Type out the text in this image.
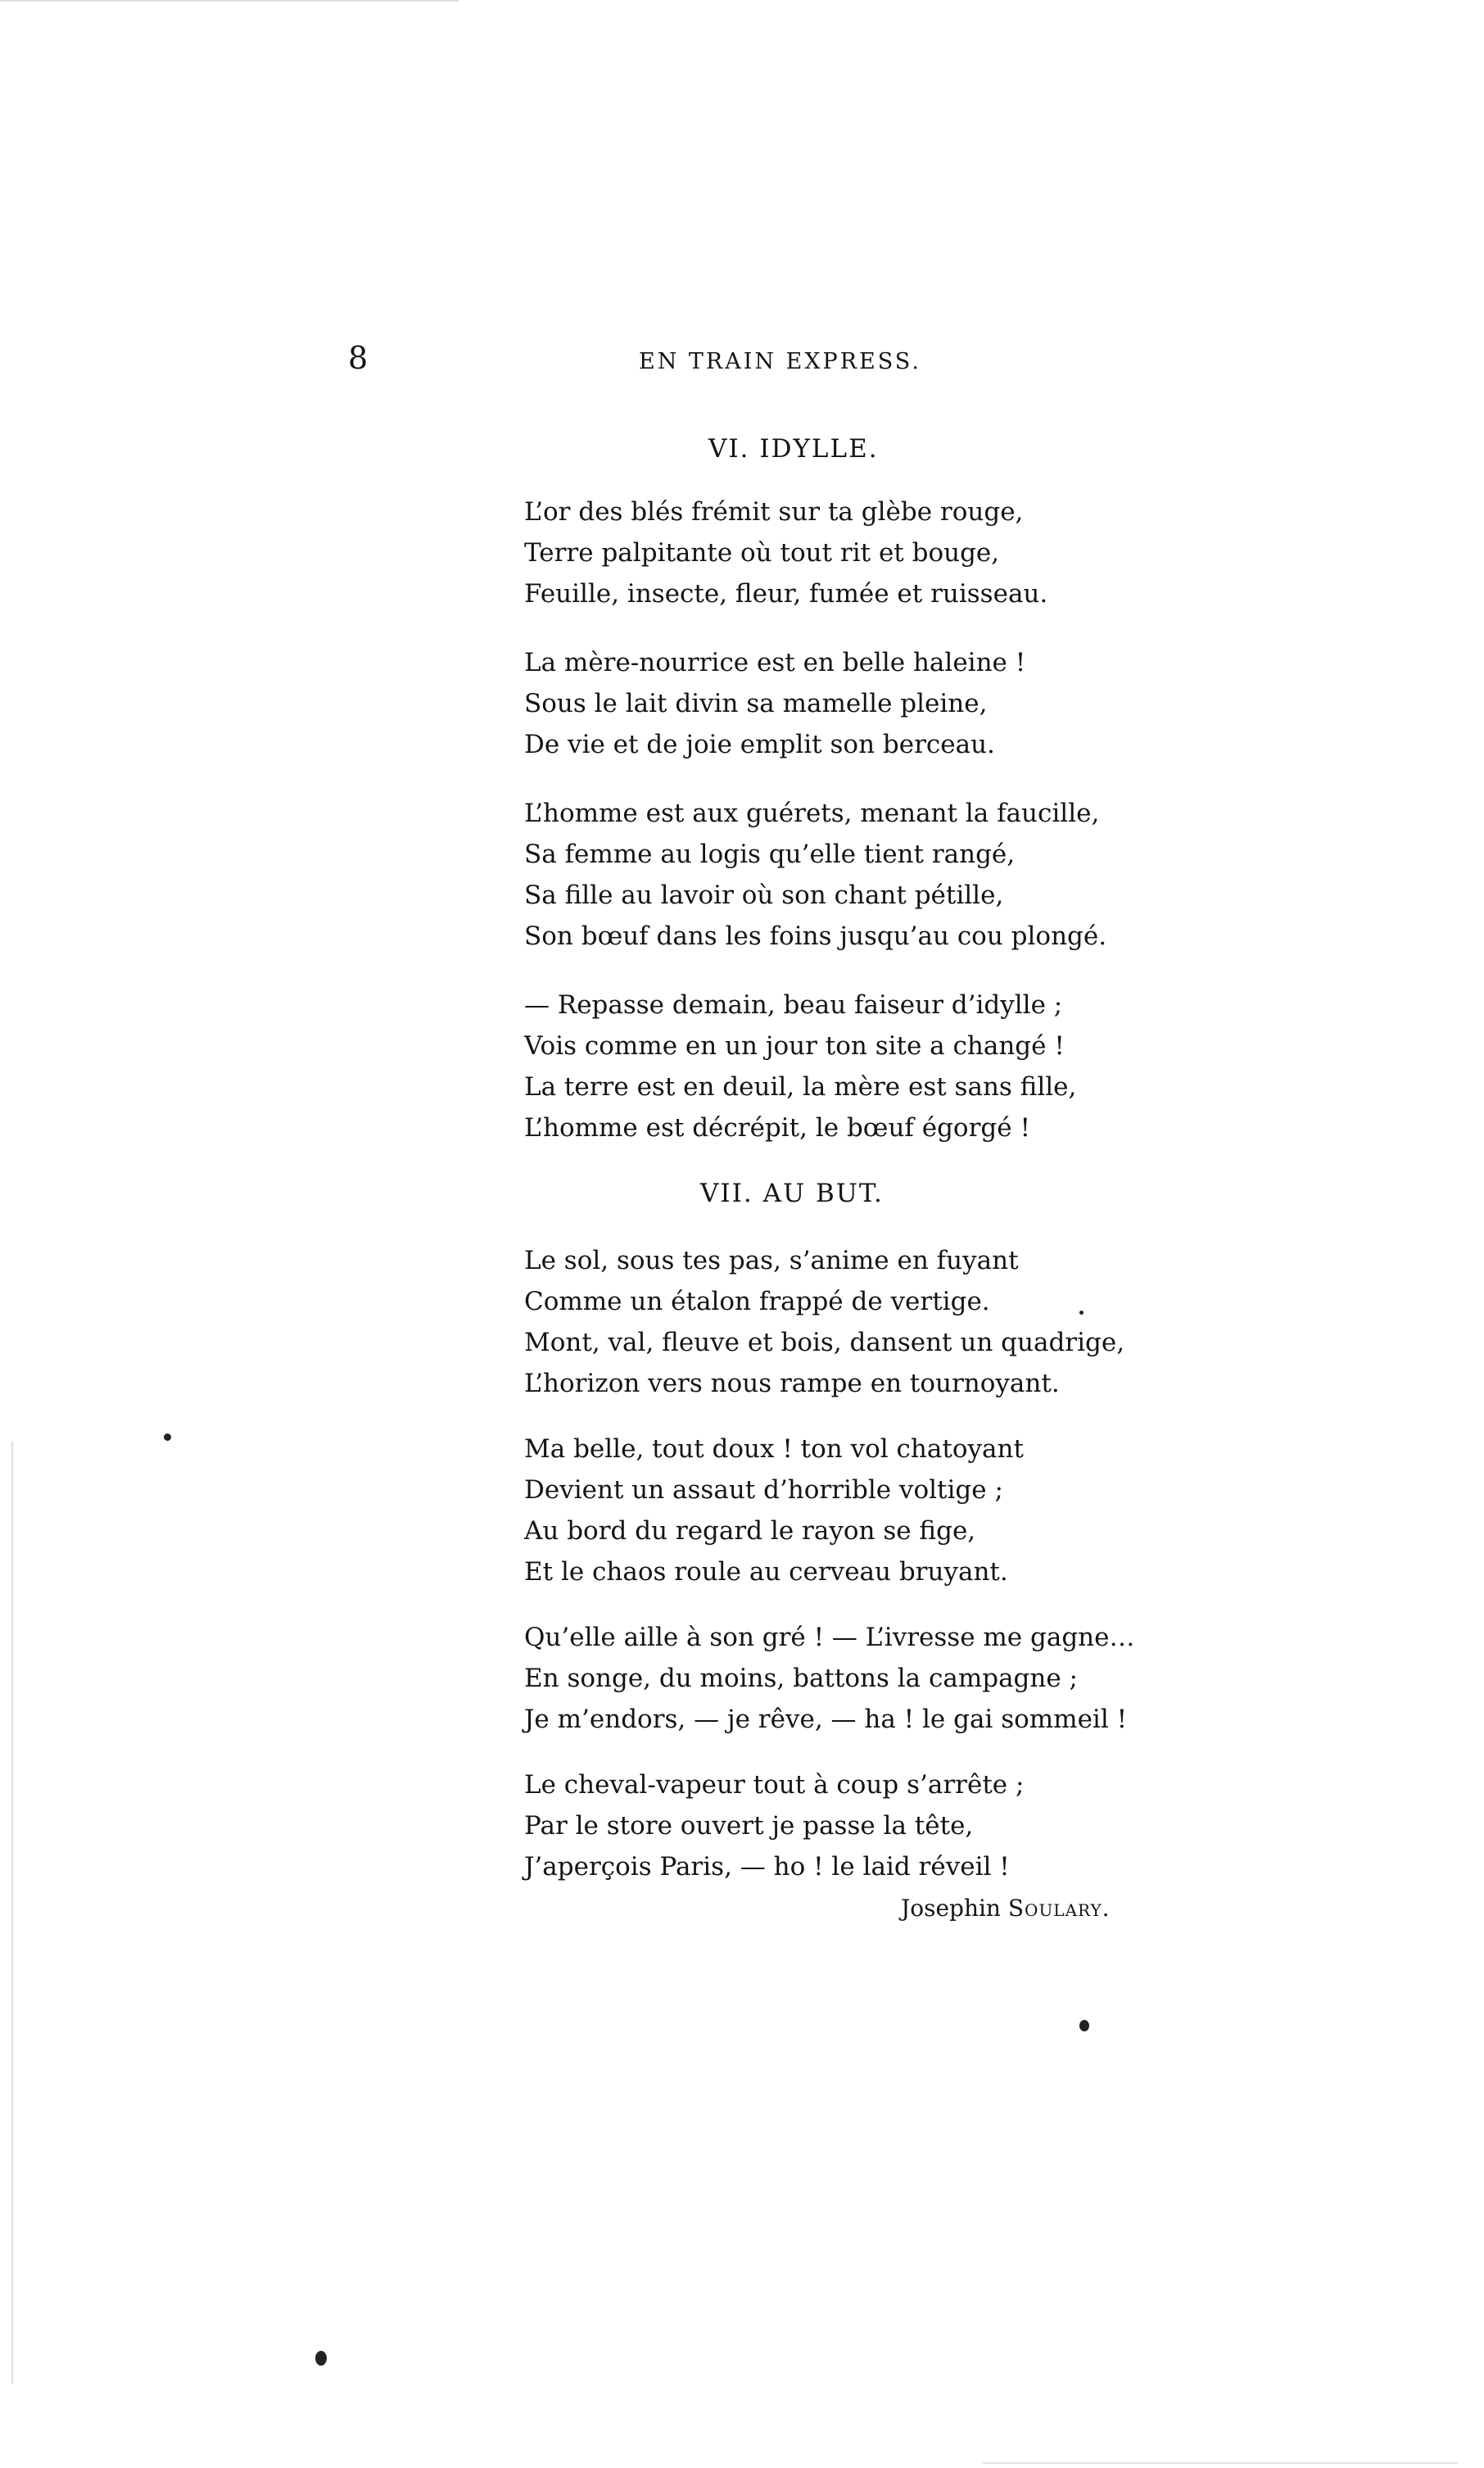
8	EN TRAIN EXPRESS.
VI. IDYLLE.
L’or des blés frémit sur ta glèbe rouge,
Terre palpitante où tout rit et bouge,
Feuille, insecte, fleur, fumée et ruisseau.
La mère-nourrice est en belle haleine !
Sous le lait divin sa mamelle pleine,
De vie et de joie emplit son berceau.
L’homme est aux guérets, menant la faucille,
Sa femme au logis qu’elle tient rangé,
Sa fille au lavoir où son chant pétille,
Son bœuf dans les foins jusqu’au cou plongé.
— Repasse demain, beau faiseur d’idylle ;
Vois comme en un jour ton site a changé !
La terre est en deuil, la mère est sans fille,
L’homme est décrépit, le bœuf égorgé !
VII. AU BUT.
Le sol, sous tes pas, s’anime en fuyant
Comme un étalon frappé de vertige.
Mont, val, fleuve et bois, dansent un quadrige,
L’horizon vers nous rampe en tournoyant.
Ma belle, tout doux ! ton vol chatoyant
Devient un assaut d’horrible voltige ;
Au bord du regard le rayon se fige,
Et le chaos roule au cerveau bruyant.
Qu’elle aille à son gré ! — L’ivresse me gagne…
En songe, du moins, battons la campagne ;
Je m’endors, — je rêve, — ha ! le gai sommeil !
Le cheval-vapeur tout à coup s’arrête ;
Par le store ouvert je passe la tête,
J’aperçois Paris, — ho ! le laid réveil !
Josephin Soulary.
